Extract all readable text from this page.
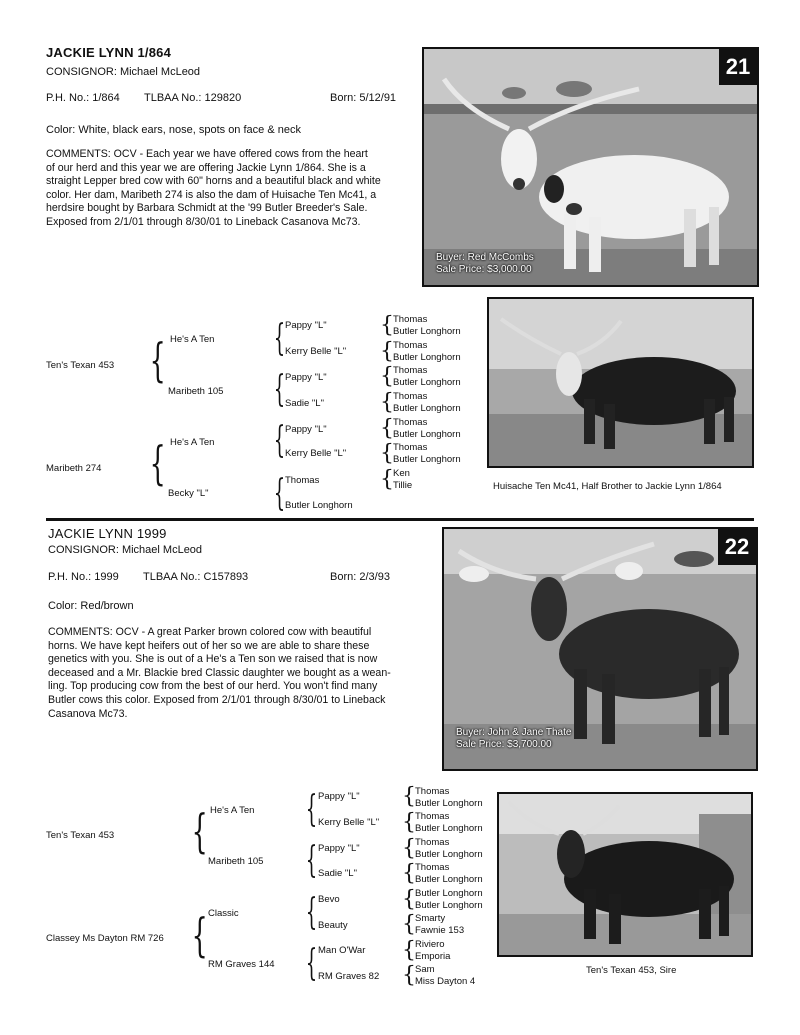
JACKIE LYNN 1/864
CONSIGNOR: Michael McLeod
P.H. No.: 1/864 TLBAA No.: 129820	Born: 5/12/91
Color: White, black ears, nose, spots on face & neck
COMMENTS: OCV - Each year we have offered cows from the heart
of our herd and this year we are offering Jackie Lynn 1/864. She is a
straight Lepper bred cow with 60" horns and a beautiful black and white
color. Her dam, Maribeth 274 is also the dam of Huisache Ten Mc41, a
herdsire bought by Barbara Schmidt at the '99 Butler Breeder's Sale.
Exposed from 2/1/01 through 8/30/01 to Lineback Casanova Mc73.
21
Buyer: Red McCombs
Sale Price: $3,000.00
Huisache Ten Mc41, Half Brother to Jackie Lynn 1/864
Ten's Texan 453
Maribeth 274
{
{
He's A Ten
Maribeth 105
He's A Ten
Becky "L"
{
{
{
{
Pappy "L"
Kerry Belle "L"
Pappy "L"
Sadie "L"
Pappy "L"
Kerry Belle "L"
Thomas
Butler Longhorn
{
{
{
{
{
{
{
Thomas
Butler Longhorn
Thomas
Butler Longhorn
Thomas
Butler Longhorn
Thomas
Butler Longhorn
Thomas
Butler Longhorn
Thomas
Butler Longhorn
Ken
Tillie
JACKIE LYNN 1999
CONSIGNOR: Michael McLeod
P.H. No.: 1999 TLBAA No.: C157893	Born: 2/3/93
Color: Red/brown
COMMENTS: OCV - A great Parker brown colored cow with beautiful
horns. We have kept heifers out of her so we are able to share these
genetics with you. She is out of a He's a Ten son we raised that is now
deceased and a Mr. Blackie bred Classic daughter we bought as a wean-
ling. Top producing cow from the best of our herd. You won't find many
Butler cows this color. Exposed from 2/1/01 through 8/30/01 to Lineback
Casanova Mc73.
22
Buyer: John & Jane Thate
Sale Price: $3,700.00
Ten's Texan 453, Sire
Ten's Texan 453
Classey Ms Dayton RM 726
{
{
He's A Ten
Maribeth 105
Classic
RM Graves 144
{
{
{
{
Pappy "L"
Kerry Belle "L"
Pappy "L"
Sadie "L"
Bevo
Beauty
Man O'War
RM Graves 82
{
{
{
{
{
{
{
{
Thomas
Butler Longhorn
Thomas
Butler Longhorn
Thomas
Butler Longhorn
Thomas
Butler Longhorn
Butler Longhorn
Butler Longhorn
Smarty
Fawnie 153
Riviero
Emporia
Sam
Miss Dayton 4
